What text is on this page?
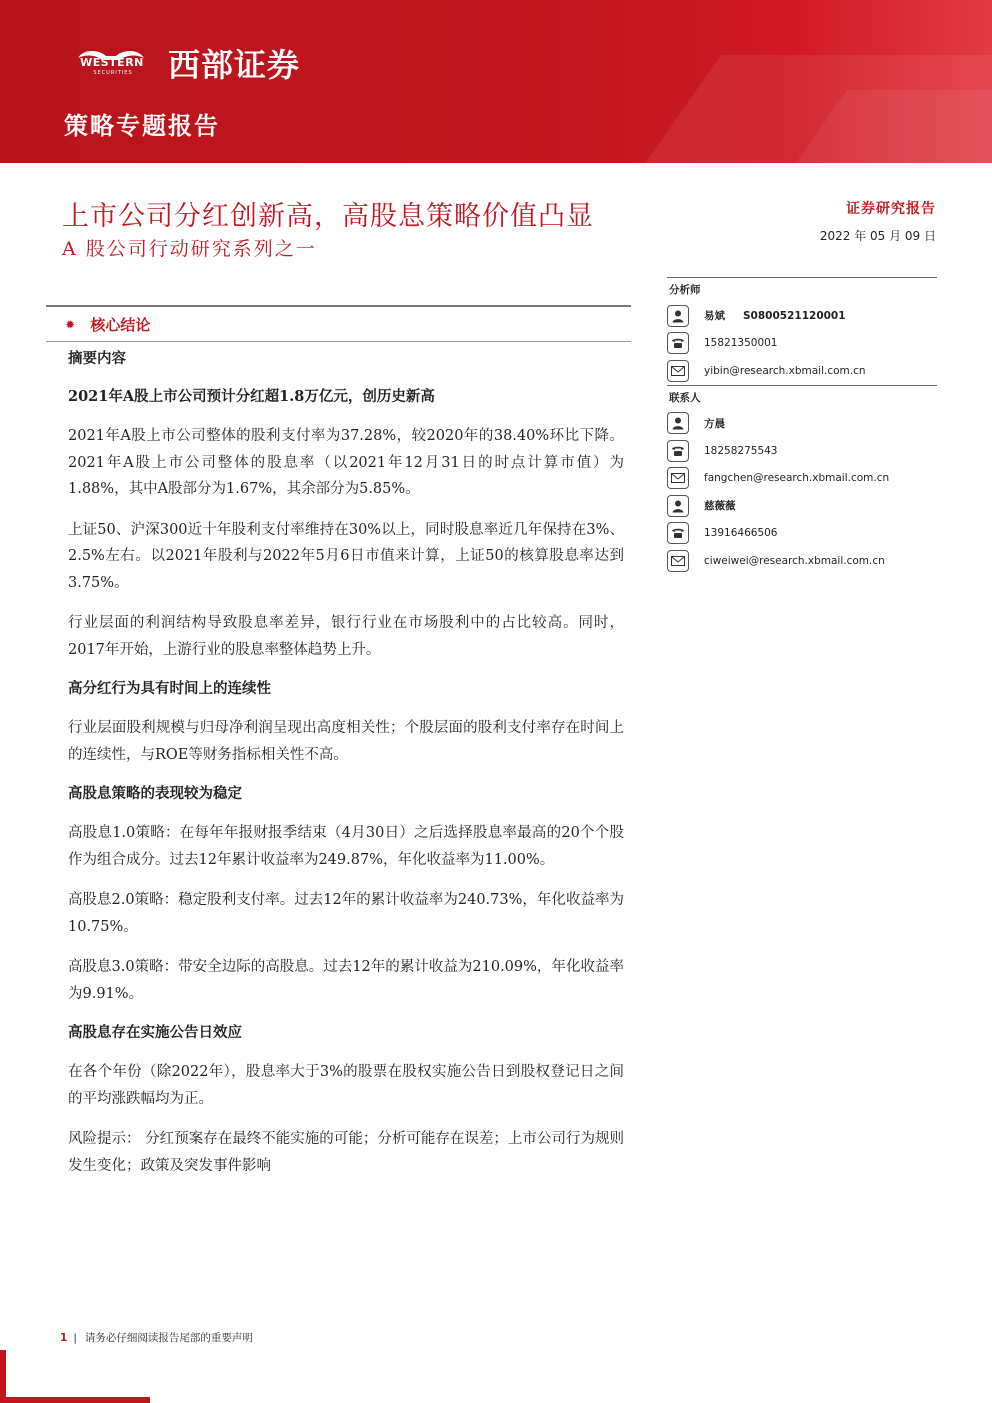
WESTERN
SECURITIES	西部证券
策略专题报告
上市公司分红创新高，高股息策略价值凸显
A 股公司行动研究系列之一
证券研究报告
2022 年 05 月 09 日
✹ 核心结论
摘要内容
2021年A股上市公司预计分红超1.8万亿元，创历史新高
2021年A股上市公司整体的股利支付率为37.28%，较2020年的38.40%环比下降。2021年A股上市公司整体的股息率（以2021年12月31日的时点计算市值）为1.88%，其中A股部分为1.67%，其余部分为5.85%。
上证50、沪深300近十年股利支付率维持在30%以上，同时股息率近几年保持在3%、2.5%左右。以2021年股利与2022年5月6日市值来计算，上证50的核算股息率达到3.75%。
行业层面的利润结构导致股息率差异，银行行业在市场股利中的占比较高。同时，2017年开始，上游行业的股息率整体趋势上升。
高分红行为具有时间上的连续性
行业层面股利规模与归母净利润呈现出高度相关性；个股层面的股利支付率存在时间上的连续性，与ROE等财务指标相关性不高。
高股息策略的表现较为稳定
高股息1.0策略：在每年年报财报季结束（4月30日）之后选择股息率最高的20个个股作为组合成分。过去12年累计收益率为249.87%，年化收益率为11.00%。
高股息2.0策略：稳定股利支付率。过去12年的累计收益率为240.73%，年化收益率为10.75%。
高股息3.0策略：带安全边际的高股息。过去12年的累计收益为210.09%，年化收益率为9.91%。
高股息存在实施公告日效应
在各个年份（除2022年），股息率大于3%的股票在股权实施公告日到股权登记日之间的平均涨跌幅均为正。
风险提示： 分红预案存在最终不能实施的可能；分析可能存在误差；上市公司行为规则发生变化；政策及突发事件影响
分析师
易斌 S0800521120001
15821350001
yibin@research.xbmail.com.cn
联系人
方晨
18258275543
fangchen@research.xbmail.com.cn
慈薇薇
13916466506
ciweiwei@research.xbmail.com.cn
1 | 请务必仔细阅读报告尾部的重要声明
